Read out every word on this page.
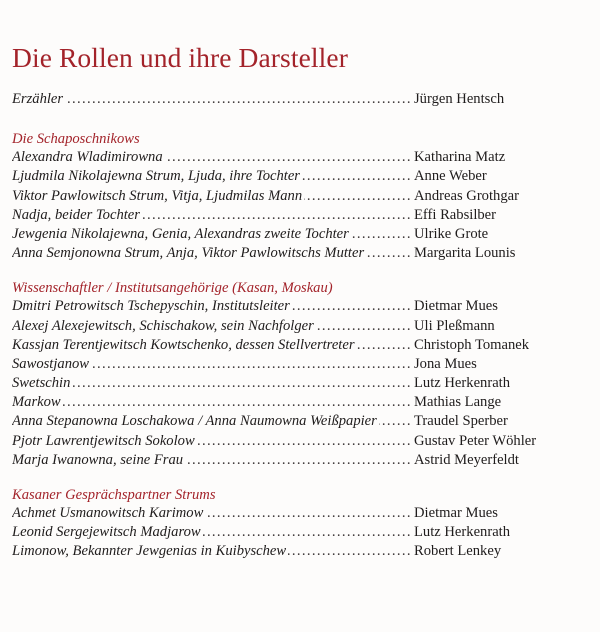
Die Rollen und ihre Darsteller
Erzähler .....	Jürgen Hentsch
Die Schaposchnikows
Alexandra Wladimirowna .....	Katharina Matz
Ljudmila Nikolajewna Strum, Ljuda, ihre Tochter .....	Anne Weber
Viktor Pawlowitsch Strum, Vitja, Ljudmilas Mann .....	Andreas Grothgar
Nadja, beider Tochter .....	Effi Rabsilber
Jewgenia Nikolajewna, Genia, Alexandras zweite Tochter .....	Ulrike Grote
Anna Semjonowna Strum, Anja, Viktor Pawlowitschs Mutter .....	Margarita Lounis
Wissenschaftler / Institutsangehörige (Kasan, Moskau)
Dmitri Petrowitsch Tschepyschin, Institutsleiter .....	Dietmar Mues
Alexej Alexejewitsch, Schischakow, sein Nachfolger .....	Uli Pleßmann
Kassjan Terentjewitsch Kowtschenko, dessen Stellvertreter .....	Christoph Tomanek
Sawostjanow .....	Jona Mues
Swetschin .....	Lutz Herkenrath
Markow .....	Mathias Lange
Anna Stepanowna Loschakowa / Anna Naumowna Weißpapier .....	Traudel Sperber
Pjotr Lawrentjewitsch Sokolow .....	Gustav Peter Wöhler
Marja Iwanowna, seine Frau .....	Astrid Meyerfeldt
Kasaner Gesprächspartner Strums
Achmet Usmanowitsch Karimow .....	Dietmar Mues
Leonid Sergejewitsch Madjarow .....	Lutz Herkenrath
Limonow, Bekannter Jewgenias in Kuibyschew .....	Robert Lenkey
